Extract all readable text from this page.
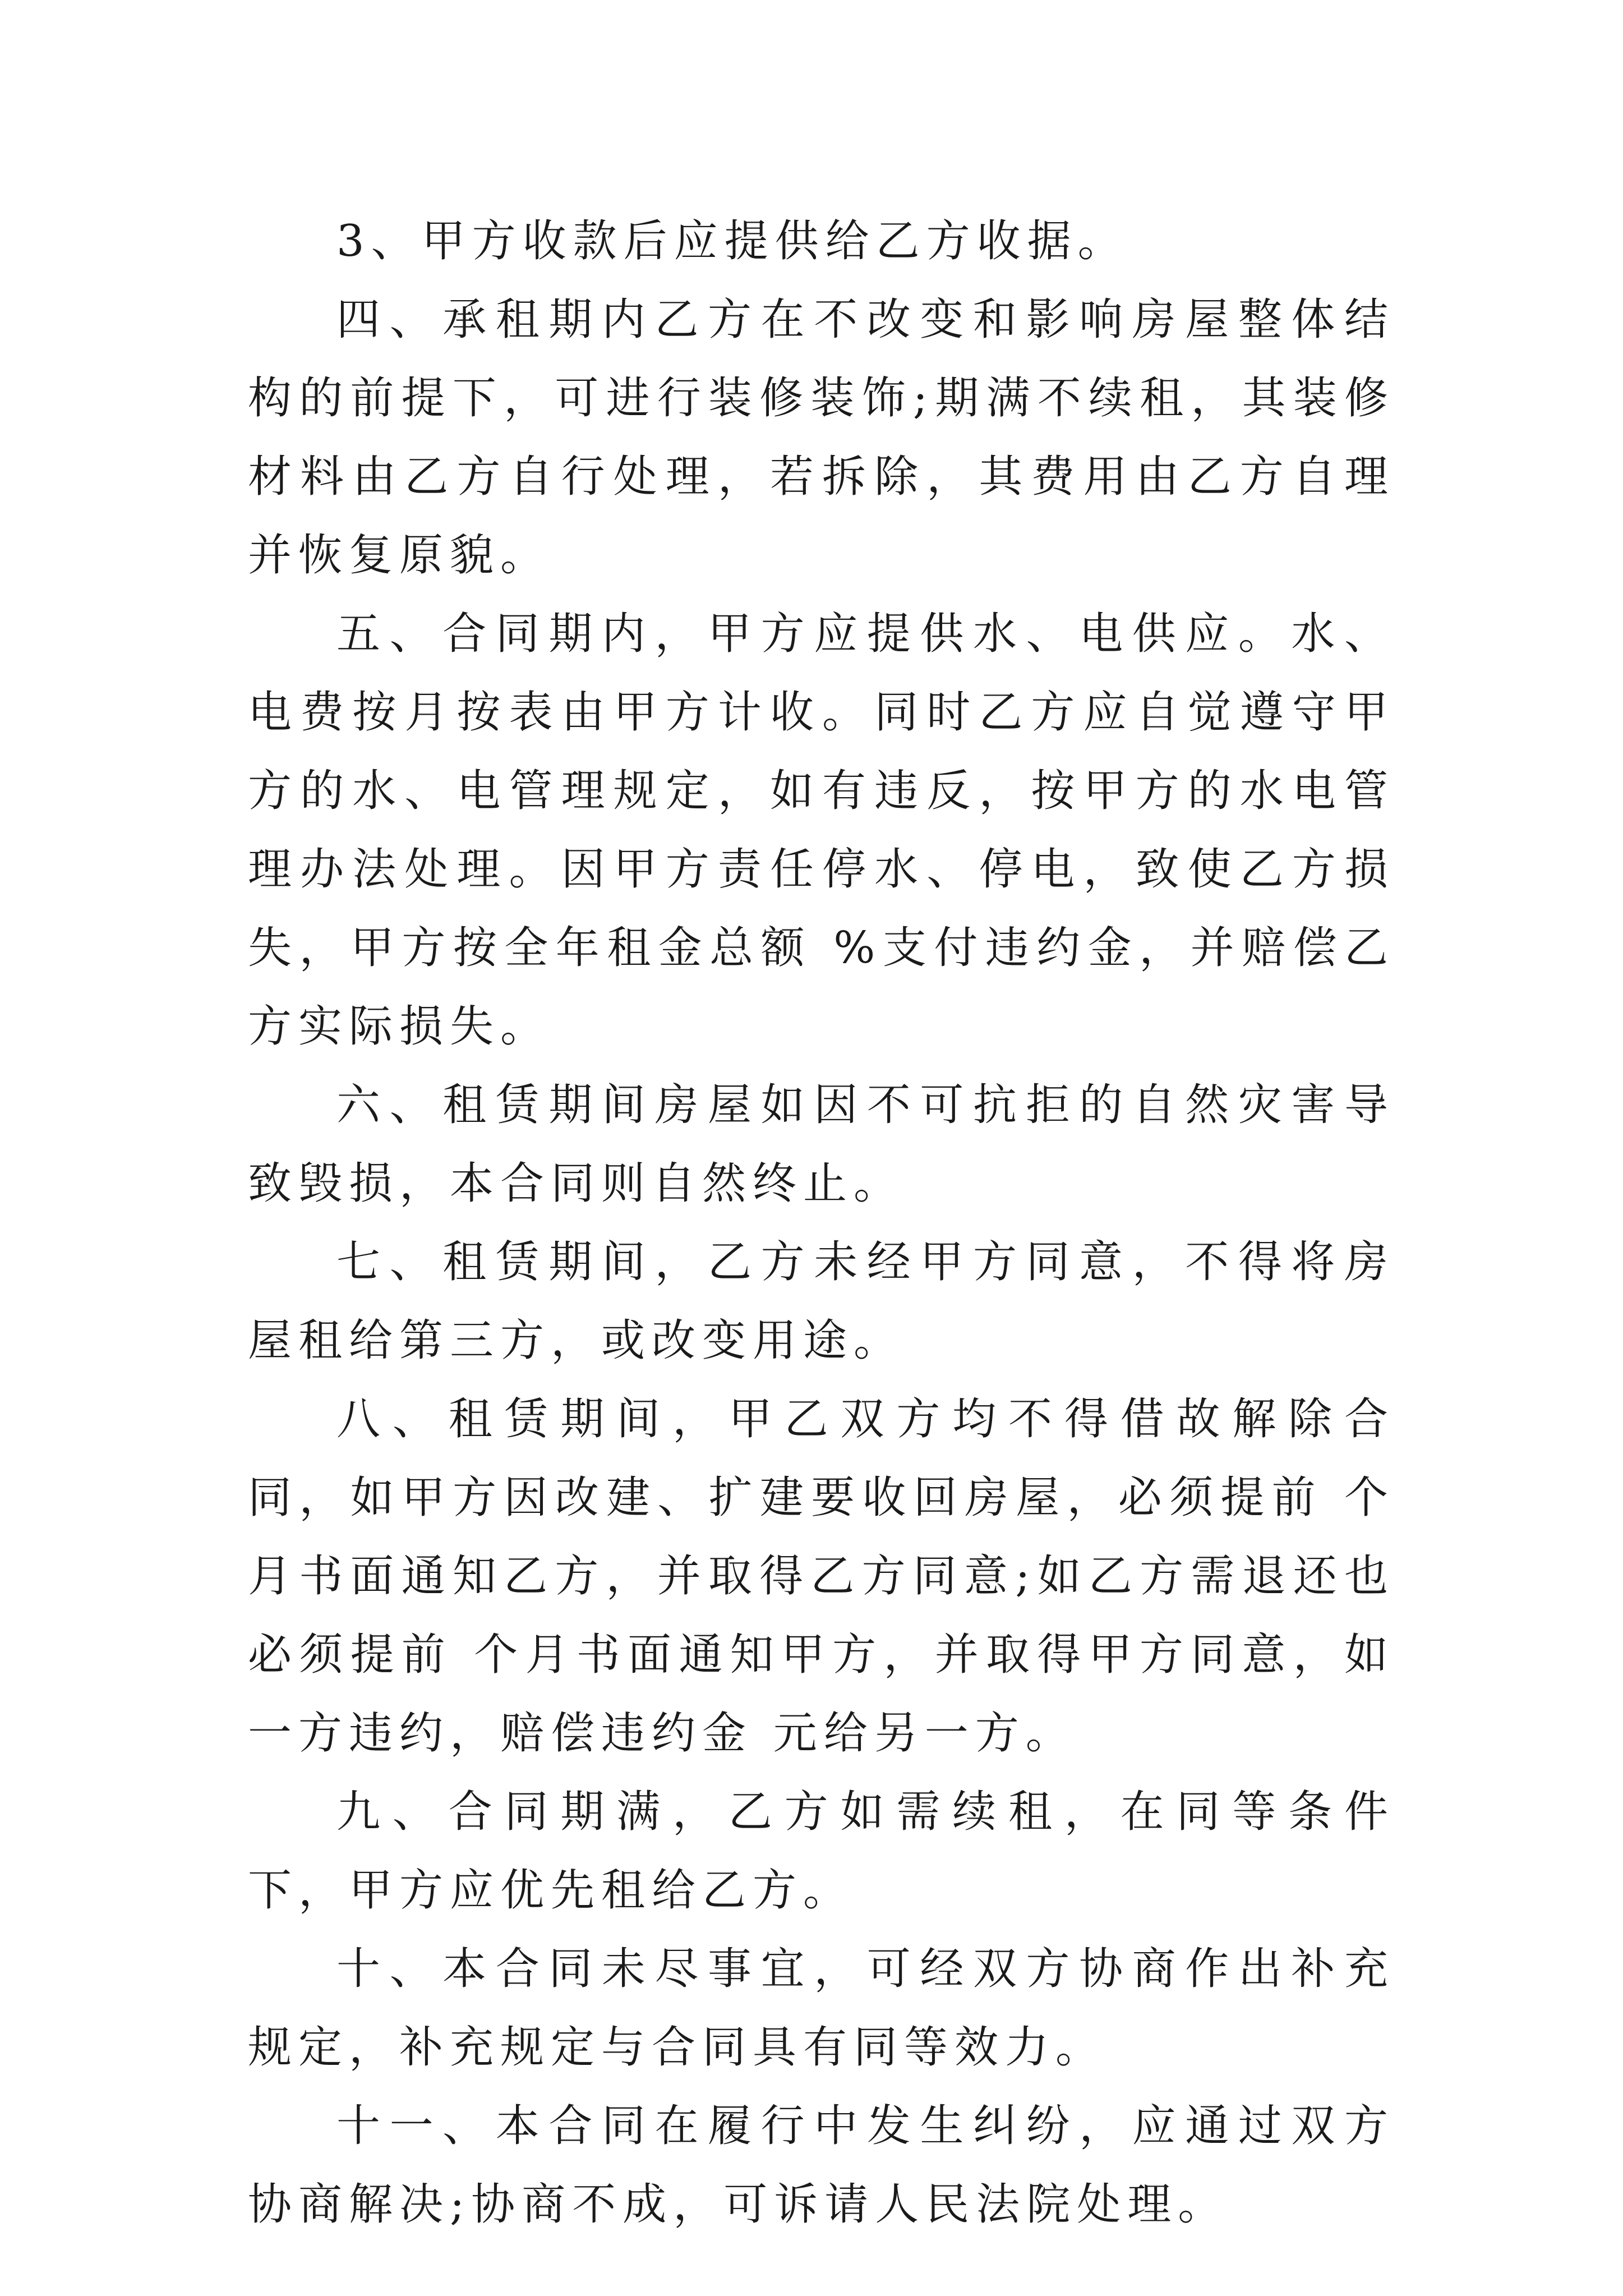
3、甲方收款后应提供给乙方收据。

四、承租期内乙方在不改变和影响房屋整体结构的前提下，可进行装修装饰;期满不续租，其装修材料由乙方自行处理，若拆除，其费用由乙方自理并恢复原貌。

五、合同期内，甲方应提供水、电供应。水、电费按月按表由甲方计收。同时乙方应自觉遵守甲方的水、电管理规定，如有违反，按甲方的水电管理办法处理。因甲方责任停水、停电，致使乙方损失，甲方按全年租金总额 %支付违约金，并赔偿乙方实际损失。

六、租赁期间房屋如因不可抗拒的自然灾害导致毁损，本合同则自然终止。

七、租赁期间，乙方未经甲方同意，不得将房屋租给第三方，或改变用途。

八、租赁期间，甲乙双方均不得借故解除合同，如甲方因改建、扩建要收回房屋，必须提前 个月书面通知乙方，并取得乙方同意;如乙方需退还也必须提前 个月书面通知甲方，并取得甲方同意，如一方违约，赔偿违约金 元给另一方。

九、合同期满，乙方如需续租，在同等条件下，甲方应优先租给乙方。

十、本合同未尽事宜，可经双方协商作出补充规定，补充规定与合同具有同等效力。

十一、本合同在履行中发生纠纷，应通过双方协商解决;协商不成，可诉请人民法院处理。
